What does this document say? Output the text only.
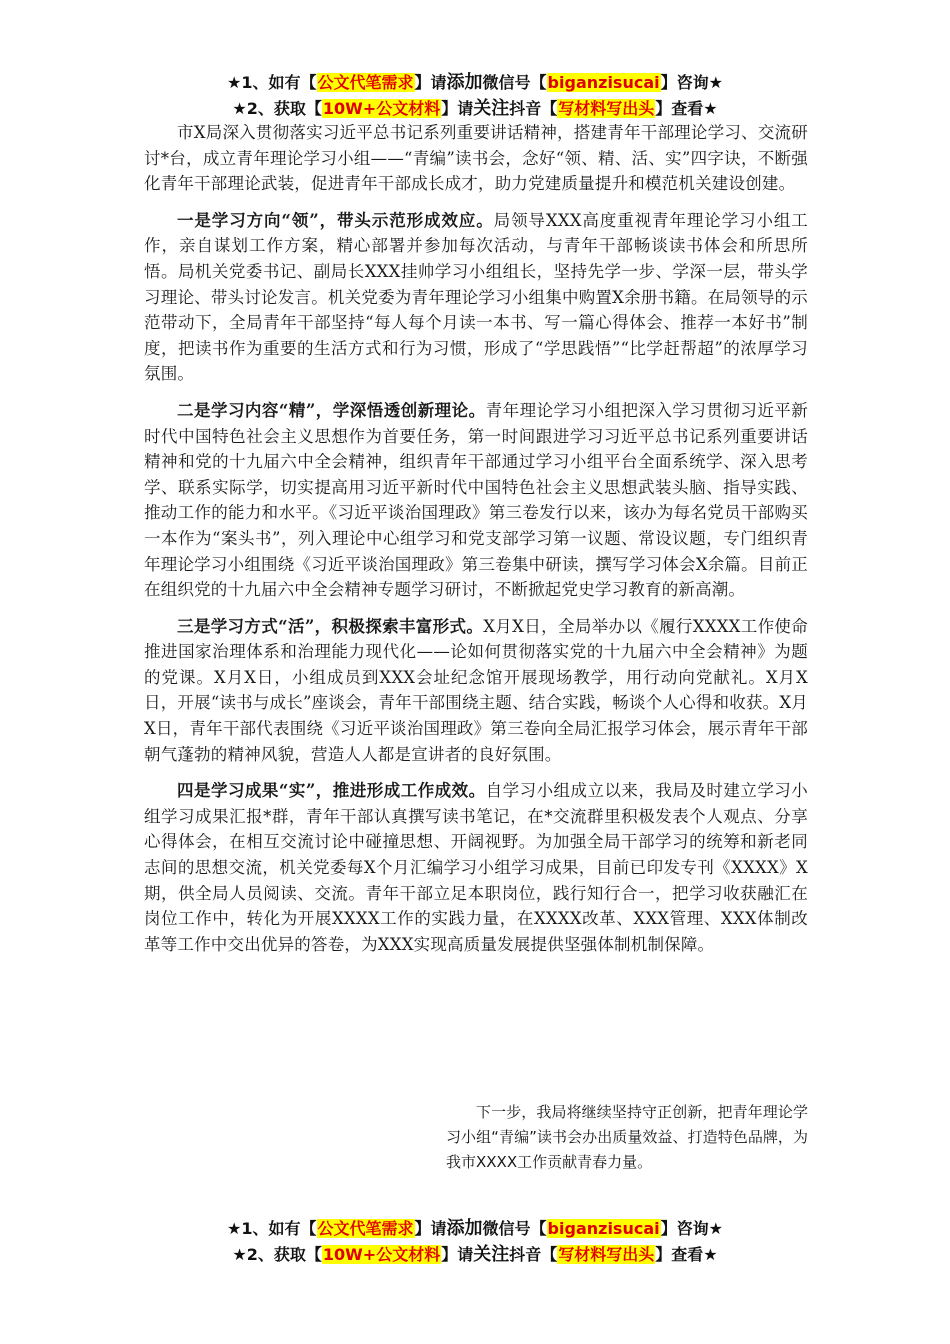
★1、如有【公文代笔需求】请添加微信号【biganzisucai】咨询★
★2、获取【10W+公文材料】请关注抖音【写材料写出头】查看★

市X局深入贯彻落实习近平总书记系列重要讲话精神，搭建青年干部理论学习、交流研讨*台，成立青年理论学习小组——“青编”读书会，念好“领、精、活、实”四字诀，不断强化青年干部理论武装，促进青年干部成长成才，助力党建质量提升和模范机关建设创建。

一是学习方向“领”，带头示范形成效应。局领导XXX高度重视青年理论学习小组工作，亲自谋划工作方案，精心部署并参加每次活动，与青年干部畅谈读书体会和所思所悟。局机关党委书记、副局长XXX挂帅学习小组组长，坚持先学一步、学深一层，带头学习理论、带头讨论发言。机关党委为青年理论学习小组集中购置X余册书籍。在局领导的示范带动下，全局青年干部坚持“每人每个月读一本书、写一篇心得体会、推荐一本好书”制度，把读书作为重要的生活方式和行为习惯，形成了“学思践悟”“比学赶帮超”的浓厚学习氛围。

二是学习内容“精”，学深悟透创新理论。青年理论学习小组把深入学习贯彻习近平新时代中国特色社会主义思想作为首要任务，第一时间跟进学习习近平总书记系列重要讲话精神和党的十九届六中全会精神，组织青年干部通过学习小组平台全面系统学、深入思考学、联系实际学，切实提高用习近平新时代中国特色社会主义思想武装头脑、指导实践、推动工作的能力和水平。《习近平谈治国理政》第三卷发行以来，该办为每名党员干部购买一本作为“案头书”，列入理论中心组学习和党支部学习第一议题、常设议题，专门组织青年理论学习小组围绕《习近平谈治国理政》第三卷集中研读，撰写学习体会X余篇。目前正在组织党的十九届六中全会精神专题学习研讨，不断掀起党史学习教育的新高潮。

三是学习方式“活”，积极探索丰富形式。X月X日，全局举办以《履行XXXX工作使命　推进国家治理体系和治理能力现代化——论如何贯彻落实党的十九届六中全会精神》为题的党课。X月X日，小组成员到XXX会址纪念馆开展现场教学，用行动向党献礼。X月X日，开展“读书与成长”座谈会，青年干部围绕主题、结合实践，畅谈个人心得和收获。X月X日，青年干部代表围绕《习近平谈治国理政》第三卷向全局汇报学习体会，展示青年干部朝气蓬勃的精神风貌，营造人人都是宣讲者的良好氛围。

四是学习成果“实”，推进形成工作成效。自学习小组成立以来，我局及时建立学习小组学习成果汇报*群，青年干部认真撰写读书笔记，在*交流群里积极发表个人观点、分享心得体会，在相互交流讨论中碰撞思想、开阔视野。为加强全局干部学习的统筹和新老同志间的思想交流，机关党委每X个月汇编学习小组学习成果，目前已印发专刊《XXXX》X期，供全局人员阅读、交流。青年干部立足本职岗位，践行知行合一，把学习收获融汇在岗位工作中，转化为开展XXXX工作的实践力量，在XXXX改革、XXX管理、XXX体制改革等工作中交出优异的答卷，为XXX实现高质量发展提供坚强体制机制保障。

下一步，我局将继续坚持守正创新，把青年理论学习小组“青编”读书会办出质量效益、打造特色品牌，为我市XXXX工作贡献青春力量。
★1、如有【公文代笔需求】请添加微信号【biganzisucai】咨询★
★2、获取【10W+公文材料】请关注抖音【写材料写出头】查看★
